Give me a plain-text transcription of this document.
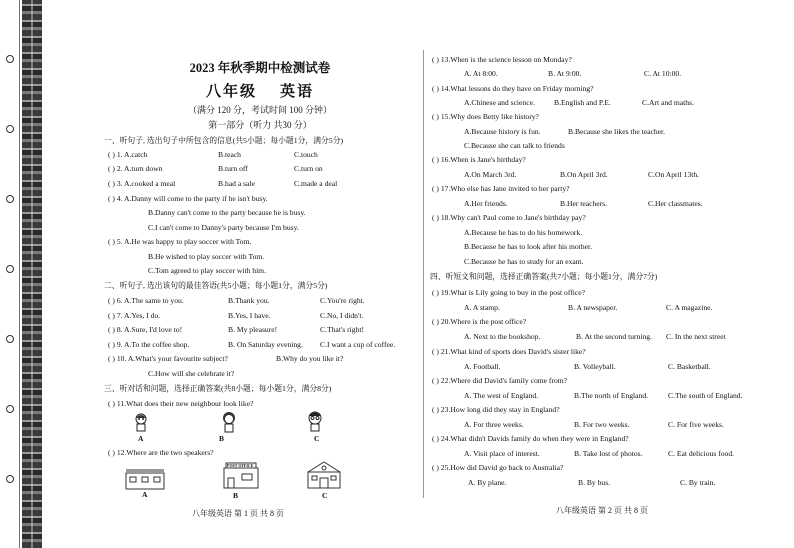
2023 年秋季期中检测试卷
八年级    英语
（满分 120 分，考试时间 100 分钟）
第一部分（听力 共30 分）
一、听句子, 选出句子中所包含的信息(共5小题；每小题1分，满分5分)
( ) 1. A.catch	B.teach	C.touch
( ) 2. A.turn down	B.turn off	C.turn on
( ) 3. A.cooked a meal	B.had a sale	C.made a deal
( ) 4. A.Danny will come to the party if he isn't busy.
B.Danny can't come to the party because he is busy.
C.I can't come to Danny's party because I'm busy.
( ) 5. A.He was happy to play soccer with Tom.
B.He wished to play soccer with Tom.
C.Tom agreed to play soccer with him.
二、听句子, 选出该句的最佳答语(共5小题；每小题1分，满分5分)
( ) 6. A.The same to you.	B.Thank you.	C.You're right.
( ) 7. A.Yes, I do.	B.Yes, I have.	C.No, I didn't.
( ) 8. A.Sure, I'd love to!	B. My pleasure!	C.That's right!
( ) 9. A.To the coffee shop.	B. On Saturday evening. C.I want a cup of coffee.
( ) 10. A.What's your favourite subject?	B.Why do you like it?
C.How will she celebrate it?
三、听对话和问题，选择正确答案(共8小题；每小题1分，满分8分)
( ) 11.What does their new neighbour look like?
A	B	C
( ) 12.Where are the two speakers?
A
POST OFFICE
B	C
八年级英语 第 1 页 共 8 页
( ) 13.When is the science lesson on Monday?
A. At 8:00.	B. At 9:00.	C. At 10:00.
( ) 14.What lessons do they have on Friday morning?
A.Chinese and science.	B.English and P.E.	C.Art and maths.
( ) 15.Why does Betty like history?
A.Because history is fun.	B.Because she likes the teacher.
C.Because she can talk to friends
( ) 16.When is Jane's birthday?
A.On March 3rd.	B.On April 3rd.	C.On April 13th.
( ) 17.Who else has Jane invited to her party?
A.Her friends.	B.Her teachers.	C.Her classmates.
( ) 18.Why can't Paul come to Jane's birthday pay?
A.Because he has to do his homework.
B.Because he has to look after his mother.
C.Because he has to study for an exam.
四、听短文和问题，选择正确答案(共7小题；每小题1分，满分7分)
( ) 19.What is Lily going to buy in the post office?
A. A stamp.	B. A newspaper.	C. A magazine.
( ) 20.Where is the post office?
A. Next to the bookshop.	B. At the second turning. C. In the next street
( ) 21.What kind of sports does David's sister like?
A. Football.	B. Volleyball.	C. Basketball.
( ) 22.Where did David's family come from?
A. The west of England.	B.The north of England.	C.The south of England.
( ) 23.How long did they stay in England?
A. For three weeks.	B. For two weeks.	C. For five weeks.
( ) 24.What didn't Davids family do when they were in England?
A. Visit place of interest.	B. Take lost of photos.	C. Eat delicious food.
( ) 25.How did David go back to Australia?
A. By plane.	B. By bus.	C. By train.
八年级英语 第 2 页 共 8 页
